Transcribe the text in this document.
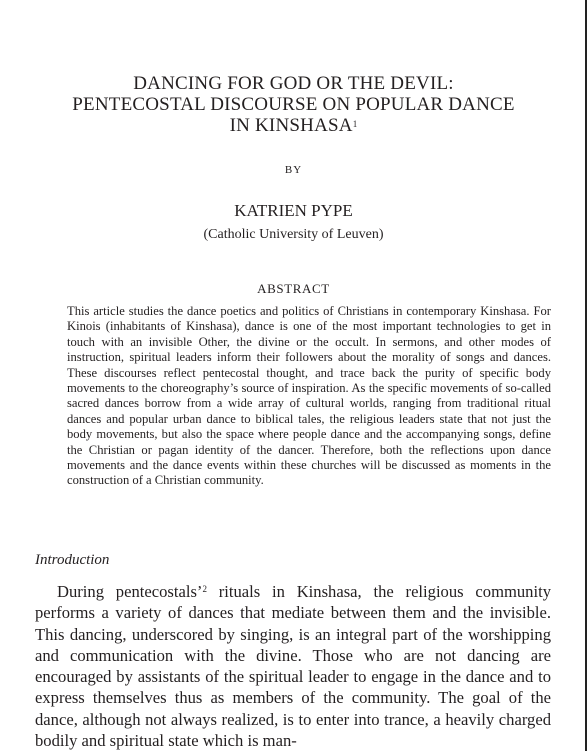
DANCING FOR GOD OR THE DEVIL:
PENTECOSTAL DISCOURSE ON POPULAR DANCE
IN KINSHASA$^1$
BY
KATRIEN PYPE
(Catholic University of Leuven)
ABSTRACT
This article studies the dance poetics and politics of Christians in contemporary Kinshasa. For Kinois (inhabitants of Kinshasa), dance is one of the most important technologies to get in touch with an invisible Other, the divine or the occult. In sermons, and other modes of instruction, spiritual leaders inform their followers about the morality of songs and dances. These discourses reflect pentecostal thought, and trace back the purity of specific body movements to the choreography’s source of inspiration. As the specific movements of so-called sacred dances borrow from a wide array of cultural worlds, ranging from traditional ritual dances and popular urban dance to biblical tales, the religious leaders state that not just the body movements, but also the space where people dance and the accompanying songs, define the Christian or pagan identity of the dancer. Therefore, both the reflections upon dance movements and the dance events within these churches will be discussed as moments in the construction of a Christian community.
Introduction
During pentecostals’$^2$ rituals in Kinshasa, the religious community performs a variety of dances that mediate between them and the invisible. This dancing, underscored by singing, is an integral part of the worshipping and communication with the divine. Those who are not dancing are encouraged by assistants of the spiritual leader to engage in the dance and to express themselves thus as members of the community. The goal of the dance, although not always realized, is to enter into trance, a heavily charged bodily and spiritual state which is man-
